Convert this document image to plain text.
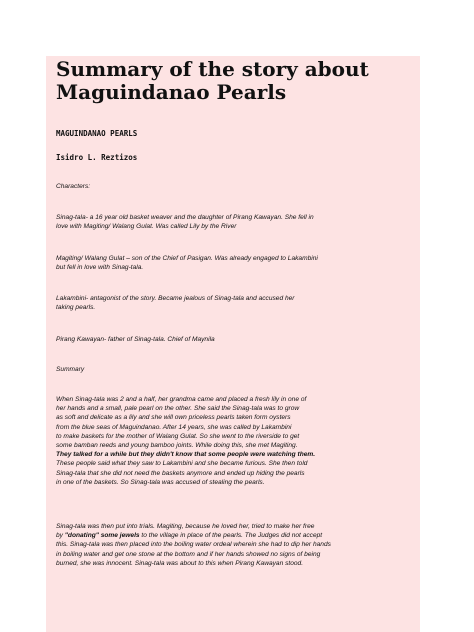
Summary of the story about
Maguindanao Pearls

MAGUINDANAO PEARLS

Isidro L. Reztizos

Characters:

Sinag-tala- a 16 year old basket weaver and the daughter of Pirang Kawayan. She fell in
love with Magiting/ Walang Gulat. Was called Lily by the River
Magiting/ Walang Gulat – son of the Chief of Pasigan. Was already engaged to Lakambini
but fell in love with Sinag-tala.
Lakambini- antagonist of the story. Became jealous of Sinag-tala and accused her
taking pearls.
Pirang Kawayan- father of Sinag-tala. Chief of Maynila
Summary
When Sinag-tala was 2 and a half, her grandma came and placed a fresh lily in one of
her hands and a small, pale pearl on the other. She said the Sinag-tala was to grow
as soft and delicate as a lily and she will own priceless pearls taken form oysters
from the blue seas of Maguindanao. After 14 years, she was called by Lakambini
to make baskets for the mother of Walang Gulat. So she went to the riverside to get
some bamban reeds and young bamboo joints. While doing this, she met Magiting.
They talked for a while but they didn't know that some people were watching them.
These people said what they saw to Lakambini and she became furious. She then told
Sinag-tala that she did not need the baskets anymore and ended up hiding the pearls
in one of the baskets. So Sinag-tala was accused of stealing the pearls.
Sinag-tala was then put into trials. Magiting, because he loved her, tried to make her free
by "donating" some jewels to the village in place of the pearls. The Judges did not accept
this. Sinag-tala was then placed into the boiling water ordeal wherein she had to dip her hands
in boiling water and get one stone at the bottom and if her hands showed no signs of being
burned, she was innocent. Sinag-tala was about to this when Pirang Kawayan stood.
